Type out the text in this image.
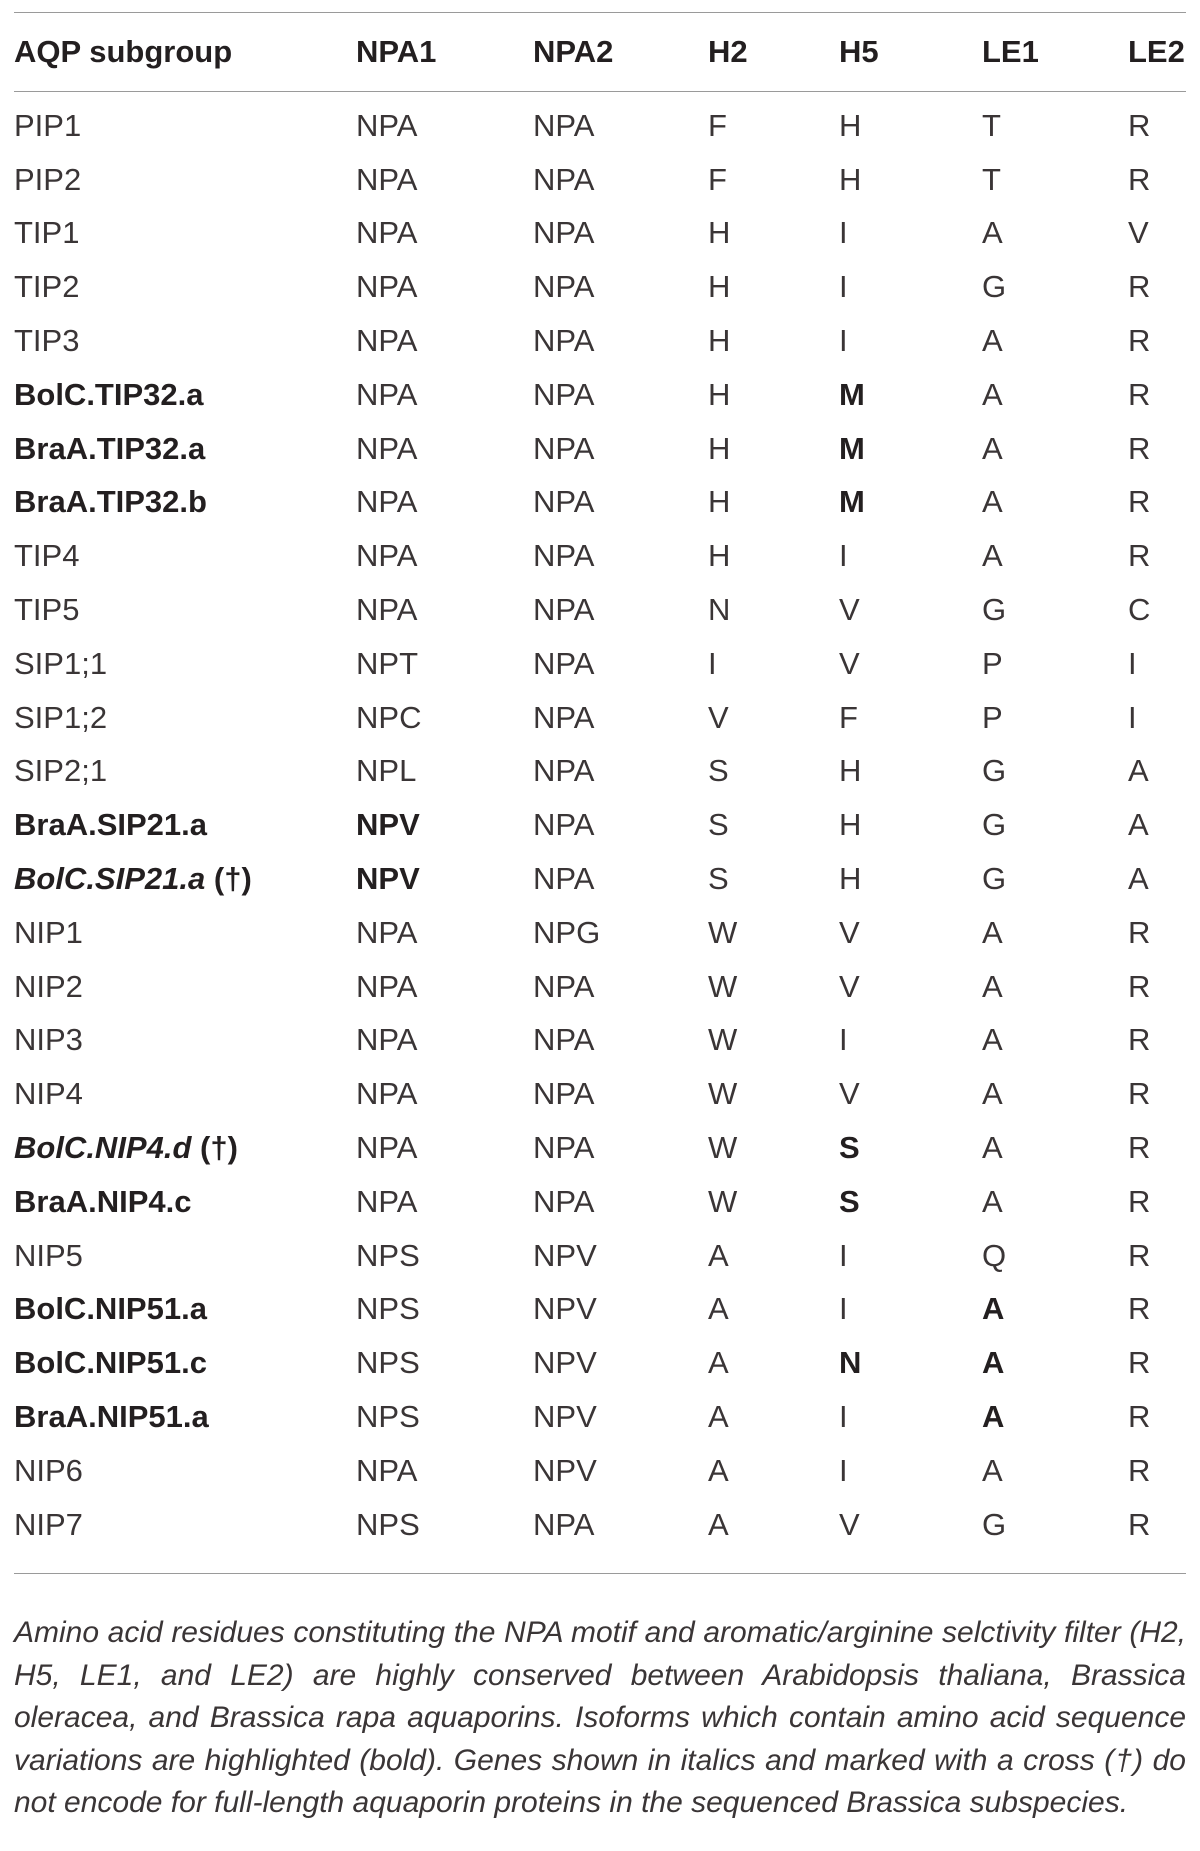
AQP subgroup	NPA1	NPA2	H2	H5	LE1	LE2
PIP1	NPA	NPA	F	H	T	R
PIP2	NPA	NPA	F	H	T	R
TIP1	NPA	NPA	H	I	A	V
TIP2	NPA	NPA	H	I	G	R
TIP3	NPA	NPA	H	I	A	R
BolC.TIP32.a	NPA	NPA	H	M	A	R
BraA.TIP32.a	NPA	NPA	H	M	A	R
BraA.TIP32.b	NPA	NPA	H	M	A	R
TIP4	NPA	NPA	H	I	A	R
TIP5	NPA	NPA	N	V	G	C
SIP1;1	NPT	NPA	I	V	P	I
SIP1;2	NPC	NPA	V	F	P	I
SIP2;1	NPL	NPA	S	H	G	A
BraA.SIP21.a	NPV	NPA	S	H	G	A
BolC.SIP21.a (†)	NPV	NPA	S	H	G	A
NIP1	NPA	NPG	W	V	A	R
NIP2	NPA	NPA	W	V	A	R
NIP3	NPA	NPA	W	I	A	R
NIP4	NPA	NPA	W	V	A	R
BolC.NIP4.d (†)	NPA	NPA	W	S	A	R
BraA.NIP4.c	NPA	NPA	W	S	A	R
NIP5	NPS	NPV	A	I	Q	R
BolC.NIP51.a	NPS	NPV	A	I	A	R
BolC.NIP51.c	NPS	NPV	A	N	A	R
BraA.NIP51.a	NPS	NPV	A	I	A	R
NIP6	NPA	NPV	A	I	A	R
NIP7	NPS	NPA	A	V	G	R

Amino acid residues constituting the NPA motif and aromatic/arginine selctivity filter (H2, H5, LE1, and LE2) are highly conserved between Arabidopsis thaliana, Brassica oleracea, and Brassica rapa aquaporins. Isoforms which contain amino acid sequence variations are highlighted (bold). Genes shown in italics and marked with a cross (†) do not encode for full-length aquaporin proteins in the sequenced Brassica subspecies.
